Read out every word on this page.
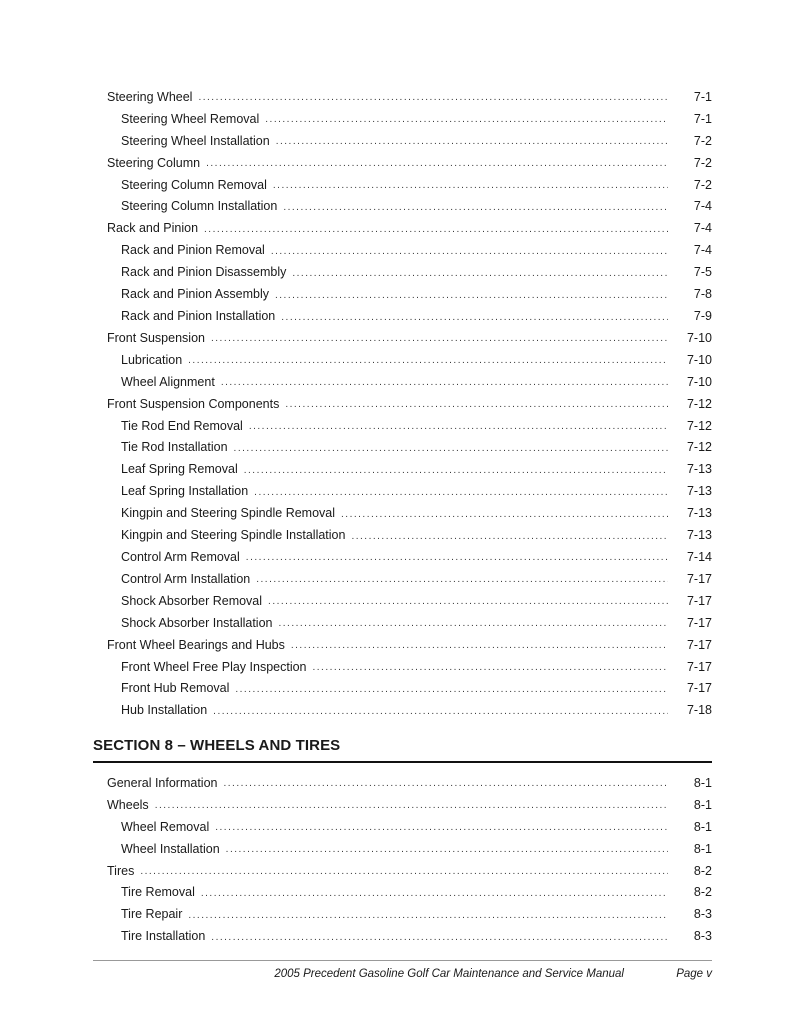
Steering Wheel .....	7-1
Steering Wheel Removal .....	7-1
Steering Wheel Installation .....	7-2
Steering Column .....	7-2
Steering Column Removal .....	7-2
Steering Column Installation .....	7-4
Rack and Pinion .....	7-4
Rack and Pinion Removal .....	7-4
Rack and Pinion Disassembly .....	7-5
Rack and Pinion Assembly .....	7-8
Rack and Pinion Installation .....	7-9
Front Suspension .....	7-10
Lubrication .....	7-10
Wheel Alignment .....	7-10
Front Suspension Components .....	7-12
Tie Rod End Removal .....	7-12
Tie Rod Installation .....	7-12
Leaf Spring Removal .....	7-13
Leaf Spring Installation .....	7-13
Kingpin and Steering Spindle Removal .....	7-13
Kingpin and Steering Spindle Installation .....	7-13
Control Arm Removal .....	7-14
Control Arm Installation .....	7-17
Shock Absorber Removal .....	7-17
Shock Absorber Installation .....	7-17
Front Wheel Bearings and Hubs .....	7-17
Front Wheel Free Play Inspection .....	7-17
Front Hub Removal .....	7-17
Hub Installation .....	7-18
SECTION 8 – WHEELS AND TIRES
General Information .....	8-1
Wheels .....	8-1
Wheel Removal .....	8-1
Wheel Installation .....	8-1
Tires .....	8-2
Tire Removal .....	8-2
Tire Repair .....	8-3
Tire Installation .....	8-3
2005 Precedent Gasoline Golf Car Maintenance and Service Manual	Page v
